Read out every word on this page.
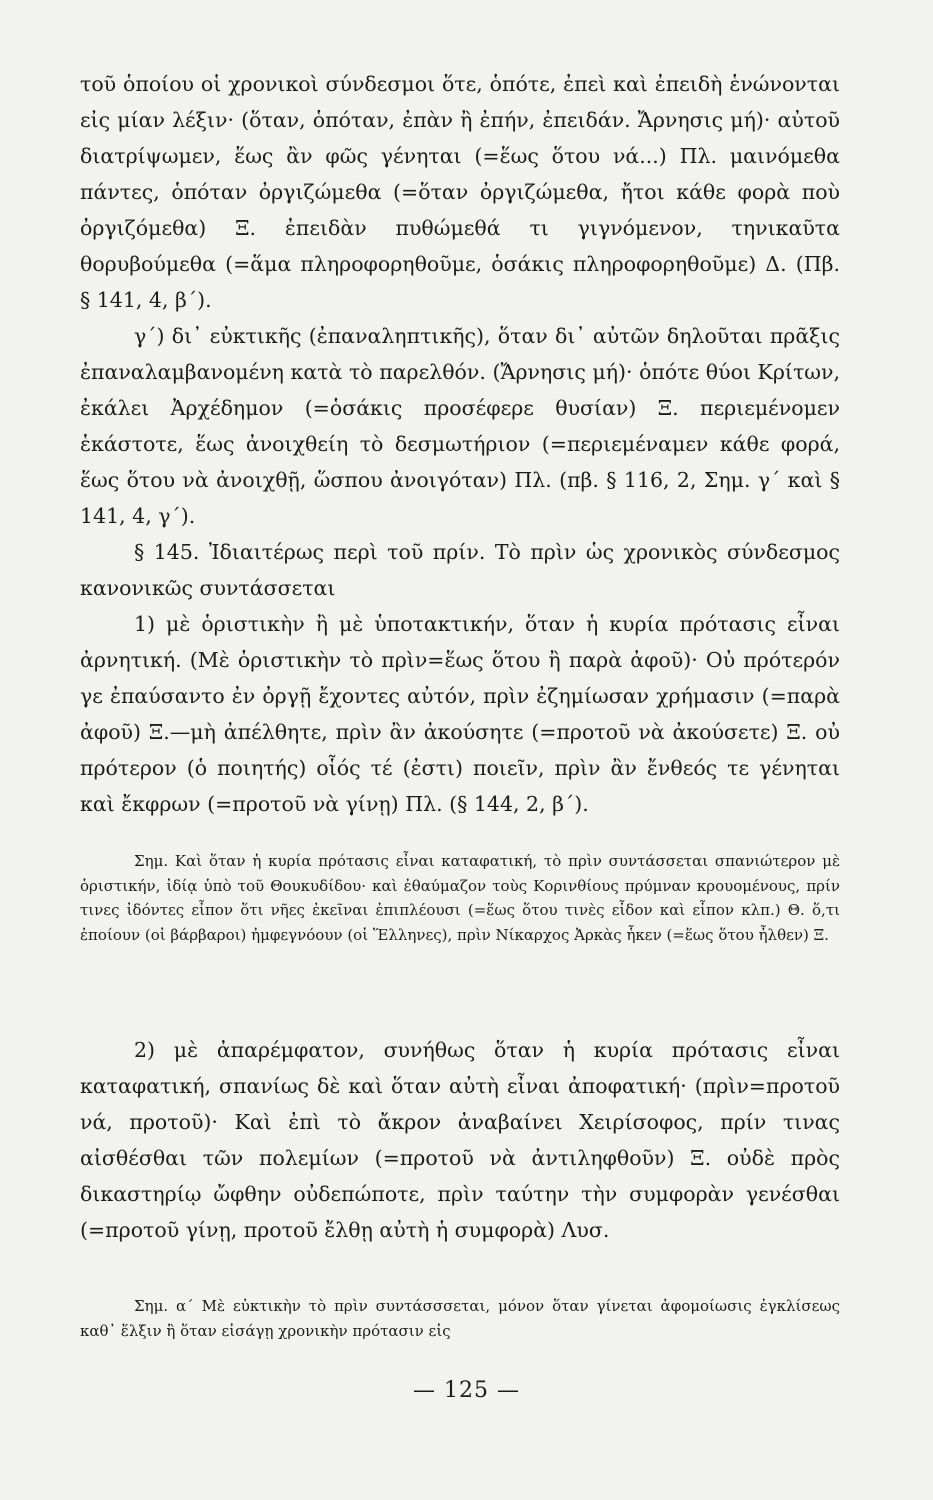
τοῦ ὁποίου οἱ χρονικοὶ σύνδεσμοι ὅτε, ὁπότε, ἐπεὶ καὶ ἐπειδὴ ἑνώνονται εἰς μίαν λέξιν· (ὅταν, ὁπόταν, ἐπὰν ἢ ἐπήν, ἐπειδάν. Ἄρνησις μή)· αὐτοῦ διατρίψωμεν, ἕως ἂν φῶς γένηται (=ἕως ὅτου νά...) Πλ. μαινόμεθα πάντες, ὁπόταν ὀργιζώμεθα (=ὅταν ὀργιζώμεθα, ἤτοι κάθε φορὰ ποὺ ὀργιζόμεθα) Ξ. ἐπειδὰν πυθώμεθά τι γιγνόμενον, τηνικαῦτα θορυβούμεθα (=ἅμα πληροφορηθοῦμε, ὁσάκις πληροφορηθοῦμε) Δ. (Πβ. § 141, 4, β΄).

γ΄) δι᾽ εὐκτικῆς (ἐπαναληπτικῆς), ὅταν δι᾽ αὐτῶν δηλοῦται πρᾶξις ἐπαναλαμβανομένη κατὰ τὸ παρελθόν. (Ἄρνησις μή)· ὁπότε θύοι Κρίτων, ἐκάλει Ἀρχέδημον (=ὁσάκις προσέφερε θυσίαν) Ξ. περιεμένομεν ἑκάστοτε, ἕως ἀνοιχθείη τὸ δεσμωτήριον (=περιεμέναμεν κάθε φορά, ἕως ὅτου νὰ ἀνοιχθῇ, ὥσπου ἀνοιγόταν) Πλ. (πβ. § 116, 2, Σημ. γ΄ καὶ § 141, 4, γ΄).

§ 145. Ἰδιαιτέρως περὶ τοῦ πρίν. Τὸ πρὶν ὡς χρονικὸς σύνδεσμος κανονικῶς συντάσσεται

1) μὲ ὁριστικὴν ἢ μὲ ὑποτακτικήν, ὅταν ἡ κυρία πρότασις εἶναι ἀρνητική. (Μὲ ὁριστικὴν τὸ πρὶν=ἕως ὅτου ἢ παρὰ ἀφοῦ)· Οὐ πρότερόν γε ἐπαύσαντο ἐν ὀργῇ ἔχοντες αὐτόν, πρὶν ἐζημίωσαν χρήμασιν (=παρὰ ἀφοῦ) Ξ.—μὴ ἀπέλθητε, πρὶν ἂν ἀκούσητε (=προτοῦ νὰ ἀκούσετε) Ξ. οὐ πρότερον (ὁ ποιητής) οἷός τέ (ἐστι) ποιεῖν, πρὶν ἂν ἔνθεός τε γένηται καὶ ἔκφρων (=προτοῦ νὰ γίνῃ) Πλ. (§ 144, 2, β΄).

Σημ. Καὶ ὅταν ἡ κυρία πρότασις εἶναι καταφατική, τὸ πρὶν συντάσσεται σπανιώτερον μὲ ὁριστικήν, ἰδίᾳ ὑπὸ τοῦ Θουκυδίδου· καὶ ἐθαύμαζον τοὺς Κορινθίους πρύμναν κρουομένους, πρίν τινες ἰδόντες εἶπον ὅτι νῆες ἐκεῖναι ἐπιπλέουσι (=ἕως ὅτου τινὲς εἶδον καὶ εἶπον κλπ.) Θ. ὅ,τι ἐποίουν (οἱ βάρβαροι) ἠμφεγνόουν (οἱ Ἕλληνες), πρὶν Νίκαρχος Ἀρκὰς ἧκεν (=ἕως ὅτου ἦλθεν) Ξ.

2) μὲ ἀπαρέμφατον, συνήθως ὅταν ἡ κυρία πρότασις εἶναι καταφατική, σπανίως δὲ καὶ ὅταν αὐτὴ εἶναι ἀποφατική· (πρὶν=προτοῦ νά, προτοῦ)· Καὶ ἐπὶ τὸ ἄκρον ἀναβαίνει Χειρίσοφος, πρίν τινας αἰσθέσθαι τῶν πολεμίων (=προτοῦ νὰ ἀντιληφθοῦν) Ξ. οὐδὲ πρὸς δικαστηρίῳ ὤφθην οὐδεπώποτε, πρὶν ταύτην τὴν συμφορὰν γενέσθαι (=προτοῦ γίνῃ, προτοῦ ἔλθῃ αὐτὴ ἡ συμφορὰ) Λυσ.

Σημ. α΄ Μὲ εὐκτικὴν τὸ πρὶν συντάσσσεται, μόνον ὅταν γίνεται ἀφομοίωσις ἐγκλίσεως καθ᾽ ἕλξιν ἢ ὅταν εἰσάγῃ χρονικὴν πρότασιν εἰς

— 125 —
